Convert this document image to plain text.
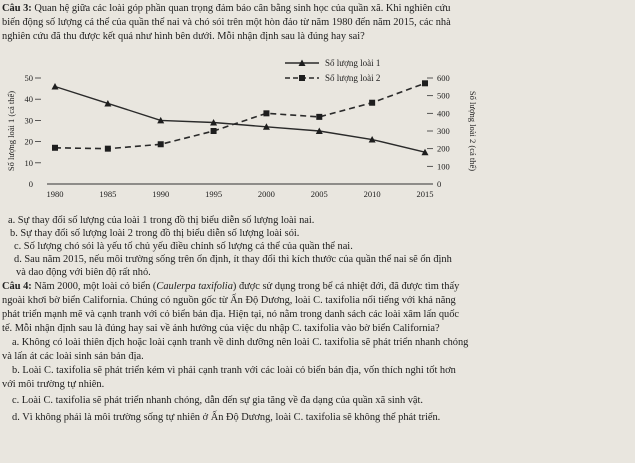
Câu 3: Quan hệ giữa các loài góp phần quan trọng đảm bảo cân bằng sinh học của quần xã. Khi nghiên cứu
biến động số lượng cá thể của quần thể nai và chó sói trên một hòn đảo từ năm 1980 đến năm 2015, các nhà
nghiên cứu đã thu được kết quả như hình bên dưới. Mỗi nhận định sau là đúng hay sai?
1980	1985	1990	1995	2000	2005	2010	2015
0
10
20
30
40
50
0
100
200
300
400
500
600
Số lượng loài 1 (cá thể)	Số lượng loài 2 (cá thể)
Số lượng loài 1
Số lượng loài 2
a. Sự thay đổi số lượng của loài 1 trong đồ thị biểu diễn số lượng loài nai.
b. Sự thay đổi số lượng loài 2 trong đồ thị biểu diễn số lượng loài sói.
c. Số lượng chó sói là yếu tố chủ yếu điều chỉnh số lượng cá thể của quần thể nai.
d. Sau năm 2015, nếu môi trường sống trên ổn định, ít thay đổi thì kích thước của quần thể nai sẽ ổn định
và dao động với biên độ rất nhỏ.
Câu 4: Năm 2000, một loài cỏ biển (Caulerpa taxifolia) được sử dụng trong bể cá nhiệt đới, đã được tìm thấy
ngoài khơi bờ biển California. Chúng có nguồn gốc từ Ấn Độ Dương, loài C. taxifolia nổi tiếng với khả năng
phát triển mạnh mẽ và cạnh tranh với cỏ biển bản địa. Hiện tại, nó nằm trong danh sách các loài xâm lấn quốc
tế. Mỗi nhận định sau là đúng hay sai về ảnh hưởng của việc du nhập C. taxifolia vào bờ biển California?
a. Không có loài thiên địch hoặc loài cạnh tranh về dinh dưỡng nên loài C. taxifolia sẽ phát triển nhanh chóng
và lấn át các loài sinh sản bản địa.
b. Loài C. taxifolia sẽ phát triển kém vì phải cạnh tranh với các loài cỏ biển bản địa, vốn thích nghi tốt hơn
với môi trường tự nhiên.
c. Loài C. taxifolia sẽ phát triển nhanh chóng, dẫn đến sự gia tăng về đa dạng của quần xã sinh vật.
d. Vì không phải là môi trường sống tự nhiên ở Ấn Độ Dương, loài C. taxifolia sẽ không thể phát triển.
